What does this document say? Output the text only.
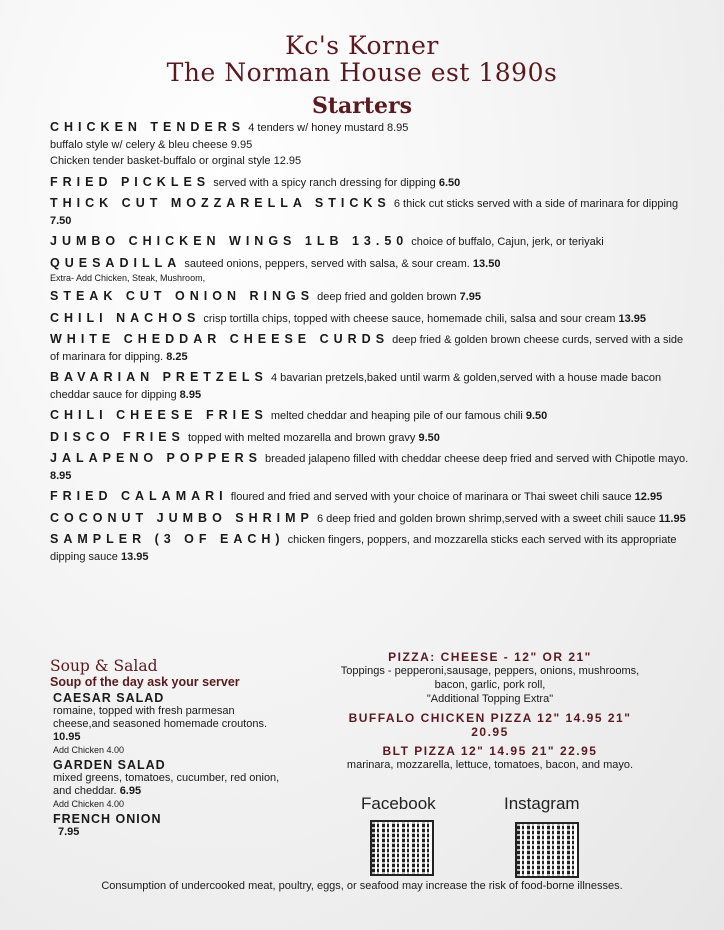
Kc's Korner
The Norman House est 1890s
Starters
CHICKEN TENDERS 4 tenders w/ honey mustard 8.95
buffalo style w/ celery & bleu cheese 9.95
Chicken tender basket-buffalo or orginal style 12.95
FRIED PICKLES served with a spicy ranch dressing for dipping 6.50
THICK CUT MOZZARELLA STICKS 6 thick cut sticks served with a side of marinara for dipping 7.50
JUMBO CHICKEN WINGS 1LB 13.50 choice of buffalo, Cajun, jerk, or teriyaki
QUESADILLA sauteed onions, peppers, served with salsa, & sour cream. 13.50
Extra- Add Chicken, Steak, Mushroom,
STEAK CUT ONION RINGS deep fried and golden brown 7.95
CHILI NACHOS crisp tortilla chips, topped with cheese sauce, homemade chili, salsa and sour cream 13.95
WHITE CHEDDAR CHEESE CURDS deep fried & golden brown cheese curds, served with a side of marinara for dipping. 8.25
BAVARIAN PRETZELS 4 bavarian pretzels,baked until warm & golden,served with a house made bacon cheddar sauce for dipping 8.95
CHILI CHEESE FRIES melted cheddar and heaping pile of our famous chili 9.50
DISCO FRIES topped with melted mozarella and brown gravy 9.50
JALAPENO POPPERS breaded jalapeno filled with cheddar cheese deep fried and served with Chipotle mayo. 8.95
FRIED CALAMARI floured and fried and served with your choice of marinara or Thai sweet chili sauce 12.95
COCONUT JUMBO SHRIMP 6 deep fried and golden brown shrimp,served with a sweet chili sauce 11.95
SAMPLER (3 OF EACH) chicken fingers, poppers, and mozzarella sticks each served with its appropriate dipping sauce 13.95
Soup & Salad
Soup of the day ask your server
CAESAR SALAD
romaine, topped with fresh parmesan cheese,and seasoned homemade croutons. 10.95
Add Chicken 4.00
GARDEN SALAD
mixed greens, tomatoes, cucumber, red onion, and cheddar. 6.95
Add Chicken 4.00
FRENCH ONION
7.95
PIZZA: CHEESE - 12" OR 21"
Toppings - pepperoni,sausage, peppers, onions, mushrooms, bacon, garlic, pork roll,
"Additional Topping Extra"
BUFFALO CHICKEN PIZZA 12" 14.95 21" 20.95
BLT PIZZA 12" 14.95 21" 22.95
marinara, mozzarella, lettuce, tomatoes, bacon, and mayo.
Facebook	Instagram
Consumption of undercooked meat, poultry, eggs, or seafood may increase the risk of food-borne illnesses.
